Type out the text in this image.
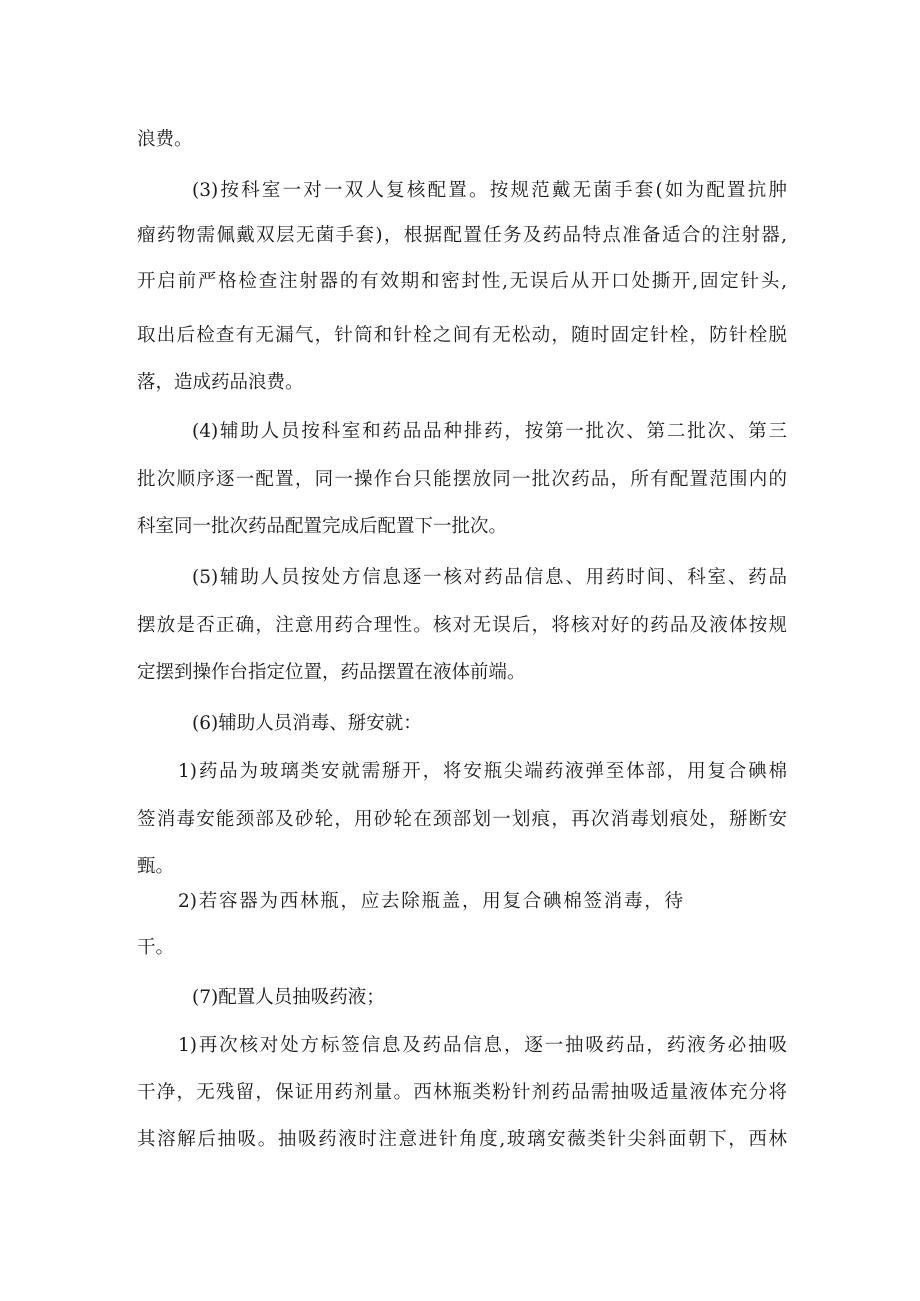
浪费。
(3)按科室一对一双人复核配置。按规范戴无菌手套(如为配置抗肿
瘤药物需佩戴双层无菌手套)，根据配置任务及药品特点准备适合的注射器,
开启前严格检查注射器的有效期和密封性,无误后从开口处撕开,固定针头,
取出后检查有无漏气，针筒和针栓之间有无松动，随时固定针栓，防针栓脱
落，造成药品浪费。
(4)辅助人员按科室和药品品种排药，按第一批次、第二批次、第三
批次顺序逐一配置，同一操作台只能摆放同一批次药品，所有配置范围内的
科室同一批次药品配置完成后配置下一批次。
(5)辅助人员按处方信息逐一核对药品信息、用药时间、科室、药品
摆放是否正确，注意用药合理性。核对无误后，将核对好的药品及液体按规
定摆到操作台指定位置，药品摆置在液体前端。
(6)辅助人员消毒、掰安就：
1)药品为玻璃类安就需掰开，将安瓶尖端药液弹至体部，用复合碘棉
签消毒安能颈部及砂轮，用砂轮在颈部划一划痕，再次消毒划痕处，掰断安
甄。
2)若容器为西林瓶，应去除瓶盖，用复合碘棉签消毒，待
干。
(7)配置人员抽吸药液；
1)再次核对处方标签信息及药品信息，逐一抽吸药品，药液务必抽吸
干净，无残留，保证用药剂量。西林瓶类粉针剂药品需抽吸适量液体充分将
其溶解后抽吸。抽吸药液时注意进针角度,玻璃安薇类针尖斜面朝下，西林
